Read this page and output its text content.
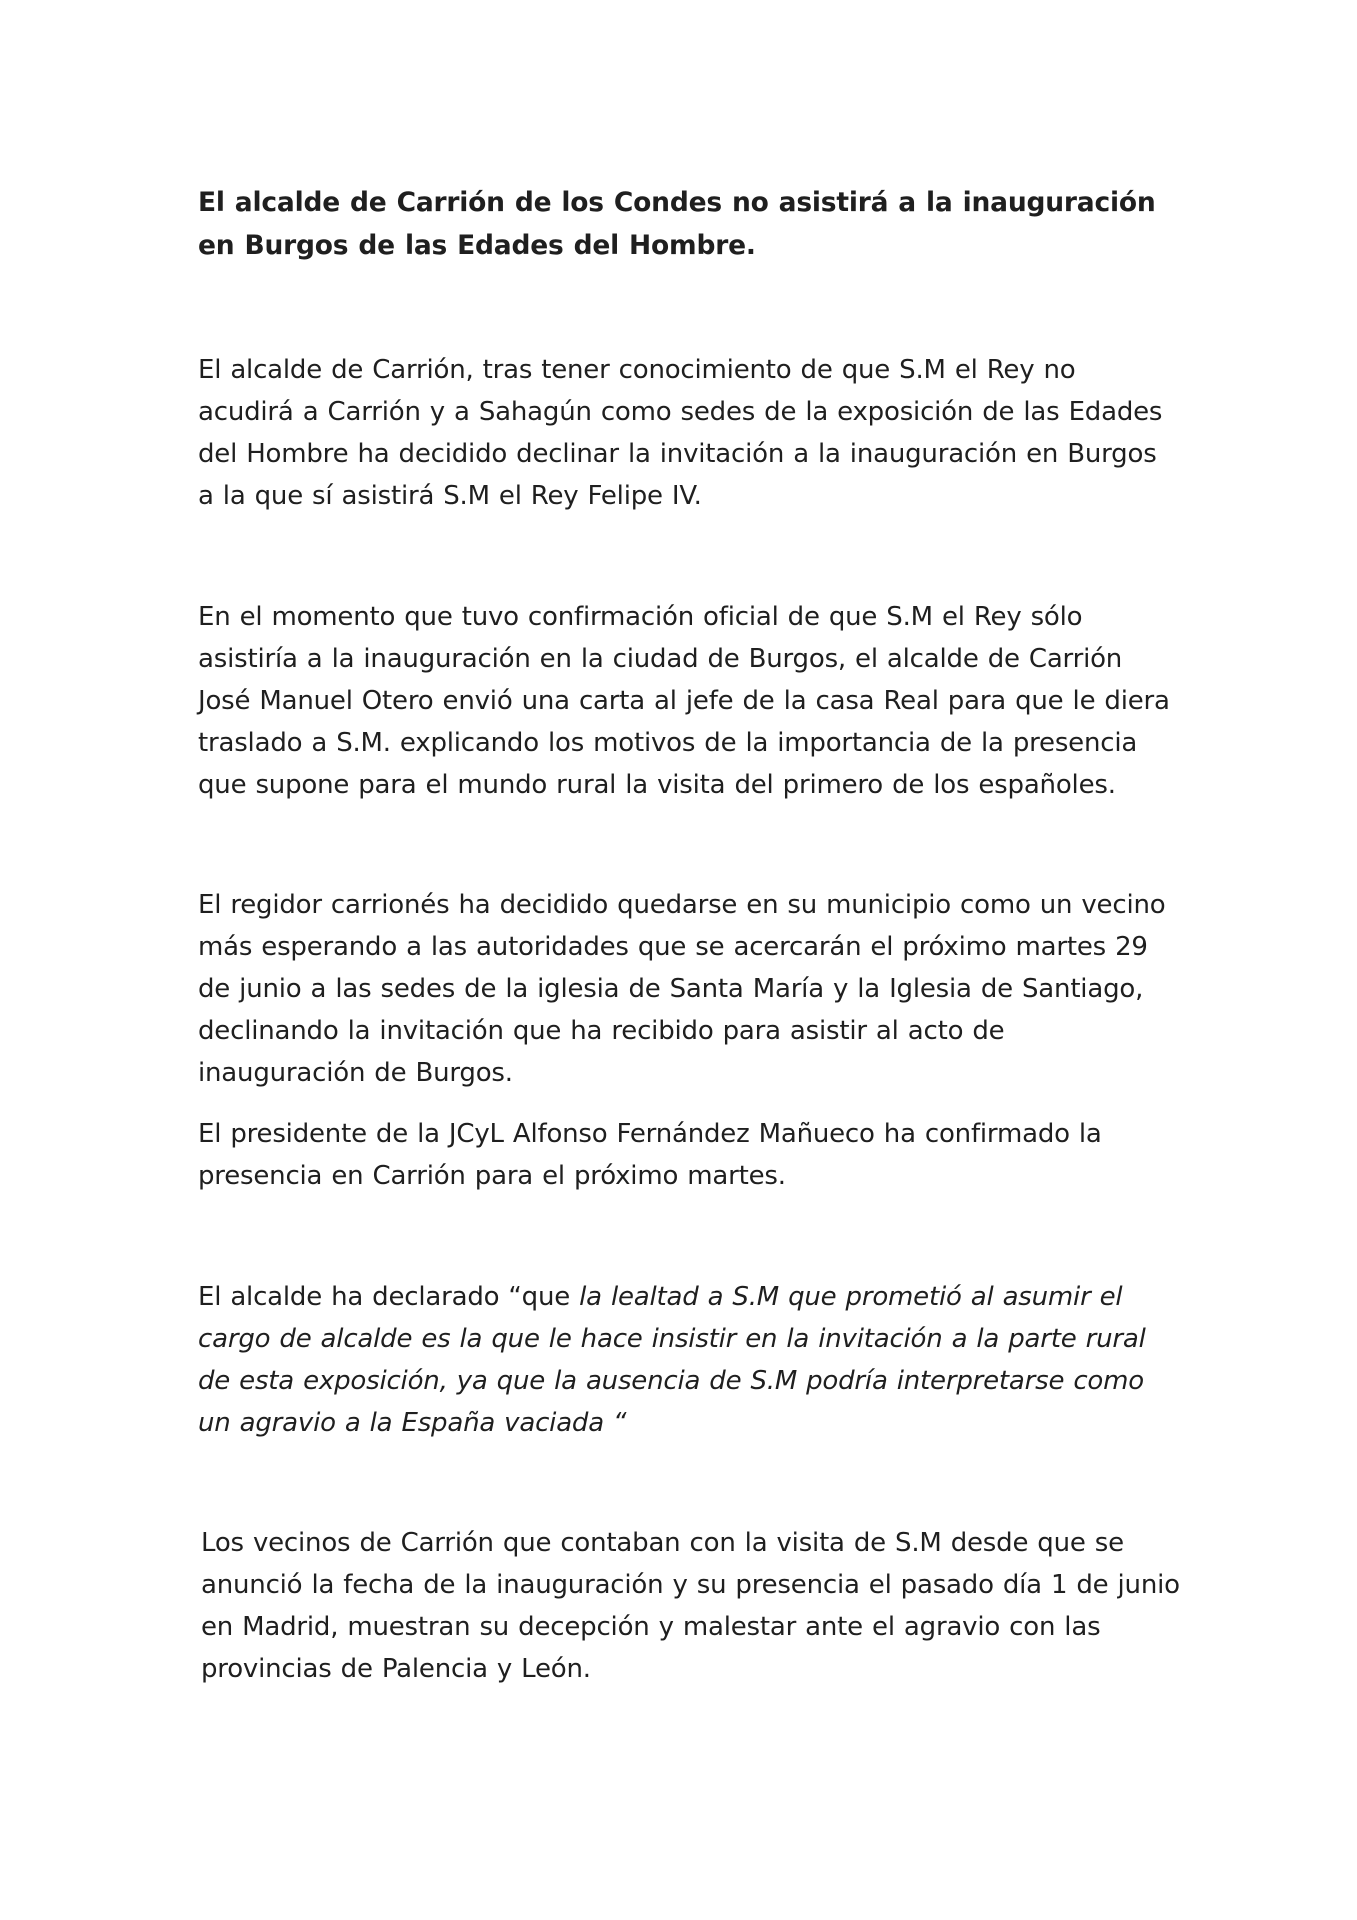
El alcalde de Carrión de los Condes no asistirá a la inauguración en Burgos de las Edades del Hombre.

El alcalde de Carrión, tras tener conocimiento de que S.M el Rey no acudirá a Carrión y a Sahagún como sedes de la exposición de las Edades del Hombre ha decidido declinar la invitación a la inauguración en Burgos a la que sí asistirá S.M el Rey Felipe IV.

En el momento que tuvo confirmación oficial de que S.M el Rey sólo asistiría a la inauguración en la ciudad de Burgos, el alcalde de Carrión José Manuel Otero envió una carta al jefe de la casa Real para que le diera traslado a S.M. explicando los motivos de la importancia de la presencia que supone para el mundo rural la visita del primero de los españoles.

El regidor carrionés ha decidido quedarse en su municipio como un vecino más esperando a las autoridades que se acercarán el próximo martes 29 de junio a las sedes de la iglesia de Santa María y la Iglesia de Santiago, declinando la invitación que ha recibido para asistir al acto de inauguración de Burgos.

El presidente de la JCyL Alfonso Fernández Mañueco ha confirmado la presencia en Carrión para el próximo martes.

El alcalde ha declarado “que la lealtad a S.M que prometió al asumir el cargo de alcalde es la que le hace insistir en la invitación a la parte rural de esta exposición, ya que la ausencia de S.M podría interpretarse como un agravio a la España vaciada “

Los vecinos de Carrión que contaban con la visita de S.M desde que se anunció la fecha de la inauguración y su presencia el pasado día 1 de junio en Madrid, muestran su decepción y malestar ante el agravio con las provincias de Palencia y León.
